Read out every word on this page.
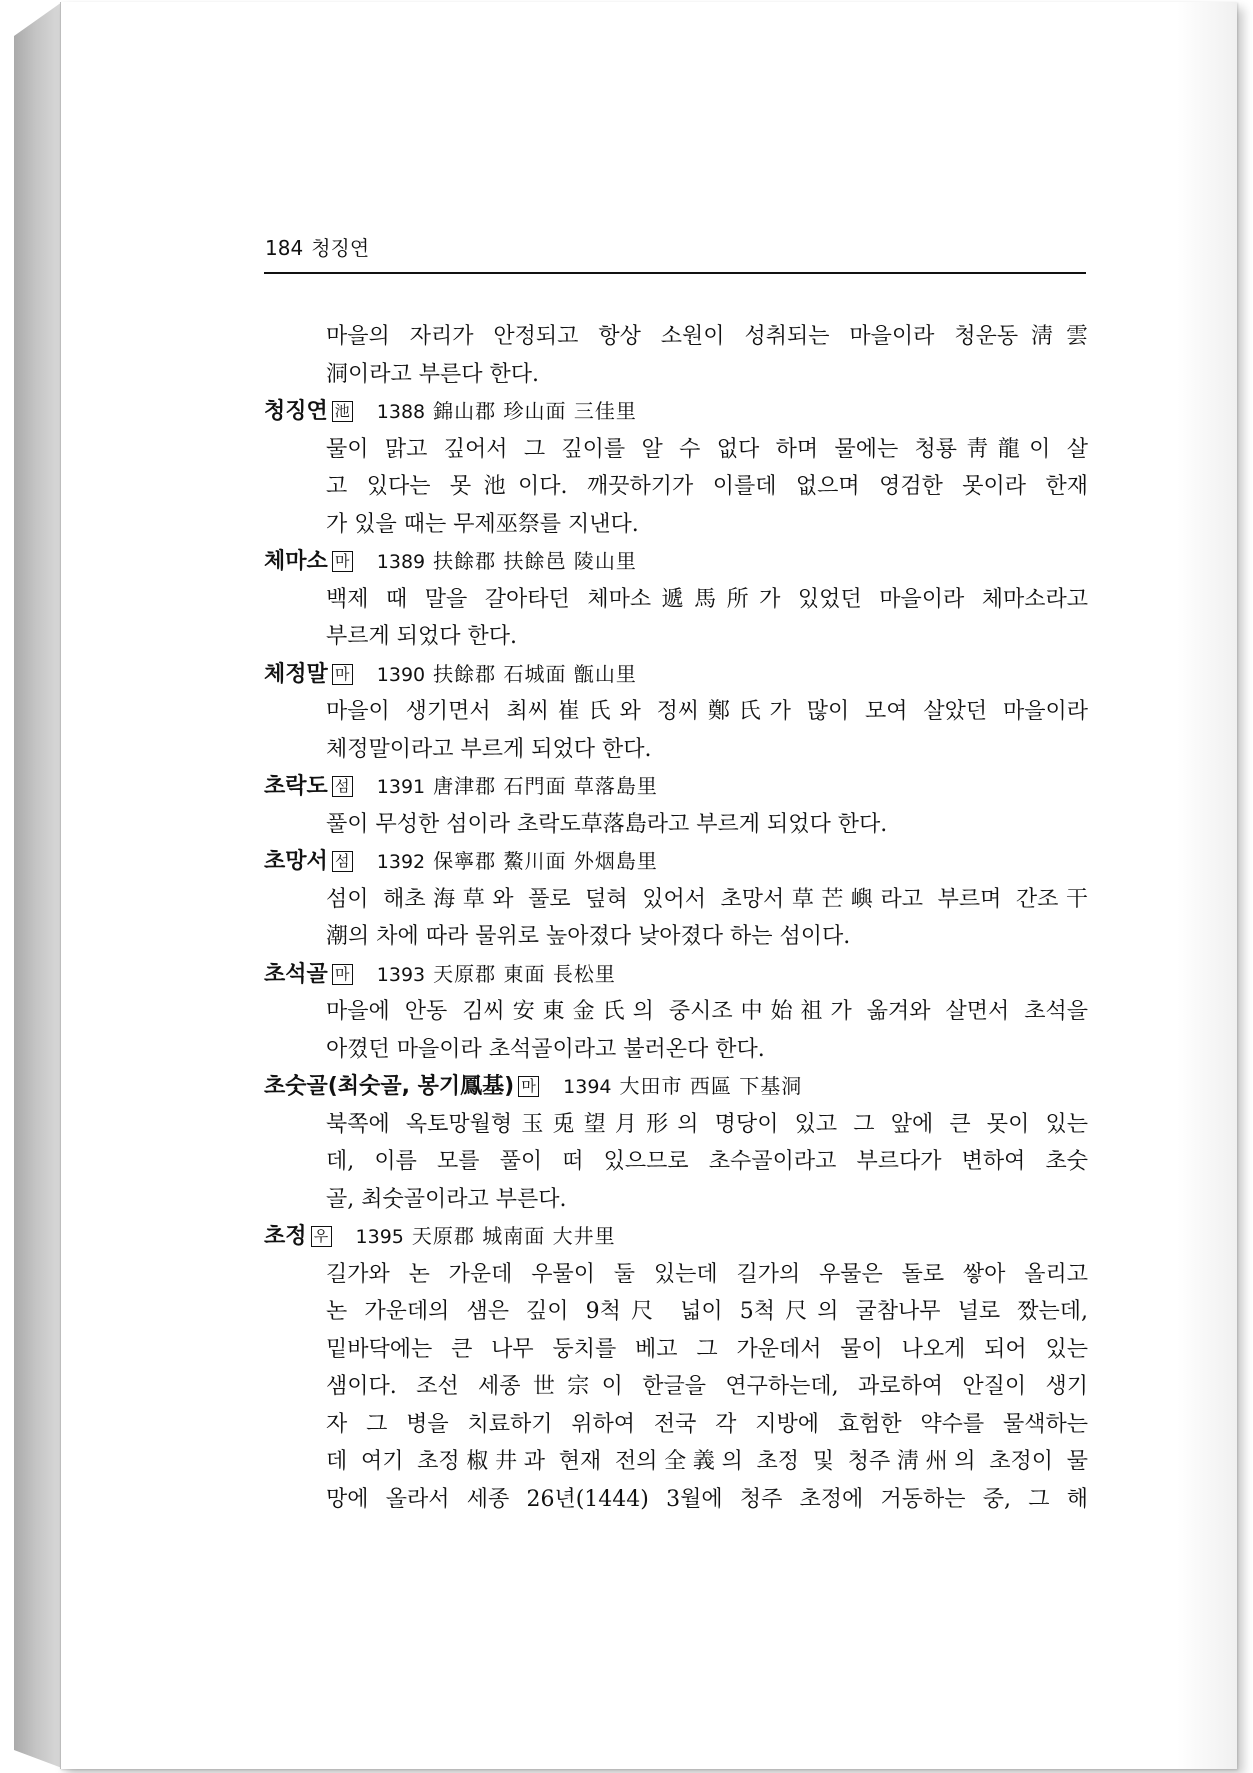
184 청징연
마을의 자리가 안정되고 항상 소원이 성취되는 마을이라 청운동淸雲
洞이라고 부른다 한다.
청징연 池 1388 錦山郡 珍山面 三佳里
물이 맑고 깊어서 그 깊이를 알 수 없다 하며 물에는 청룡靑龍이 살
고 있다는 못池이다. 깨끗하기가 이를데 없으며 영검한 못이라 한재
가 있을 때는 무제巫祭를 지낸다.
체마소 마 1389 扶餘郡 扶餘邑 陵山里
백제 때 말을 갈아타던 체마소遞馬所가 있었던 마을이라 체마소라고
부르게 되었다 한다.
체정말 마 1390 扶餘郡 石城面 甑山里
마을이 생기면서 최씨崔氏와 정씨鄭氏가 많이 모여 살았던 마을이라
체정말이라고 부르게 되었다 한다.
초락도 섬 1391 唐津郡 石門面 草落島里
풀이 무성한 섬이라 초락도草落島라고 부르게 되었다 한다.
초망서 섬 1392 保寧郡 鰲川面 外烟島里
섬이 해초海草와 풀로 덮혀 있어서 초망서草芒嶼라고 부르며 간조干
潮의 차에 따라 물위로 높아졌다 낮아졌다 하는 섬이다.
초석골 마 1393 天原郡 東面 長松里
마을에 안동 김씨安東金氏의 중시조中始祖가 옮겨와 살면서 초석을
아꼈던 마을이라 초석골이라고 불러온다 한다.
초숫골(최숫골, 봉기鳳基) 마 1394 大田市 西區 下基洞
북쪽에 옥토망월형玉兎望月形의 명당이 있고 그 앞에 큰 못이 있는
데, 이름 모를 풀이 떠 있으므로 초수골이라고 부르다가 변하여 초숫
골, 최숫골이라고 부른다.
초정 우 1395 天原郡 城南面 大井里
길가와 논 가운데 우물이 둘 있는데 길가의 우물은 돌로 쌓아 올리고
논 가운데의 샘은 깊이 9척尺 넓이 5척尺의 굴참나무 널로 짰는데,
밑바닥에는 큰 나무 둥치를 베고 그 가운데서 물이 나오게 되어 있는
샘이다. 조선 세종世宗이 한글을 연구하는데, 과로하여 안질이 생기
자 그 병을 치료하기 위하여 전국 각 지방에 효험한 약수를 물색하는
데 여기 초정椒井과 현재 전의全義의 초정 및 청주淸州의 초정이 물
망에 올라서 세종 26년(1444) 3월에 청주 초정에 거동하는 중, 그 해
